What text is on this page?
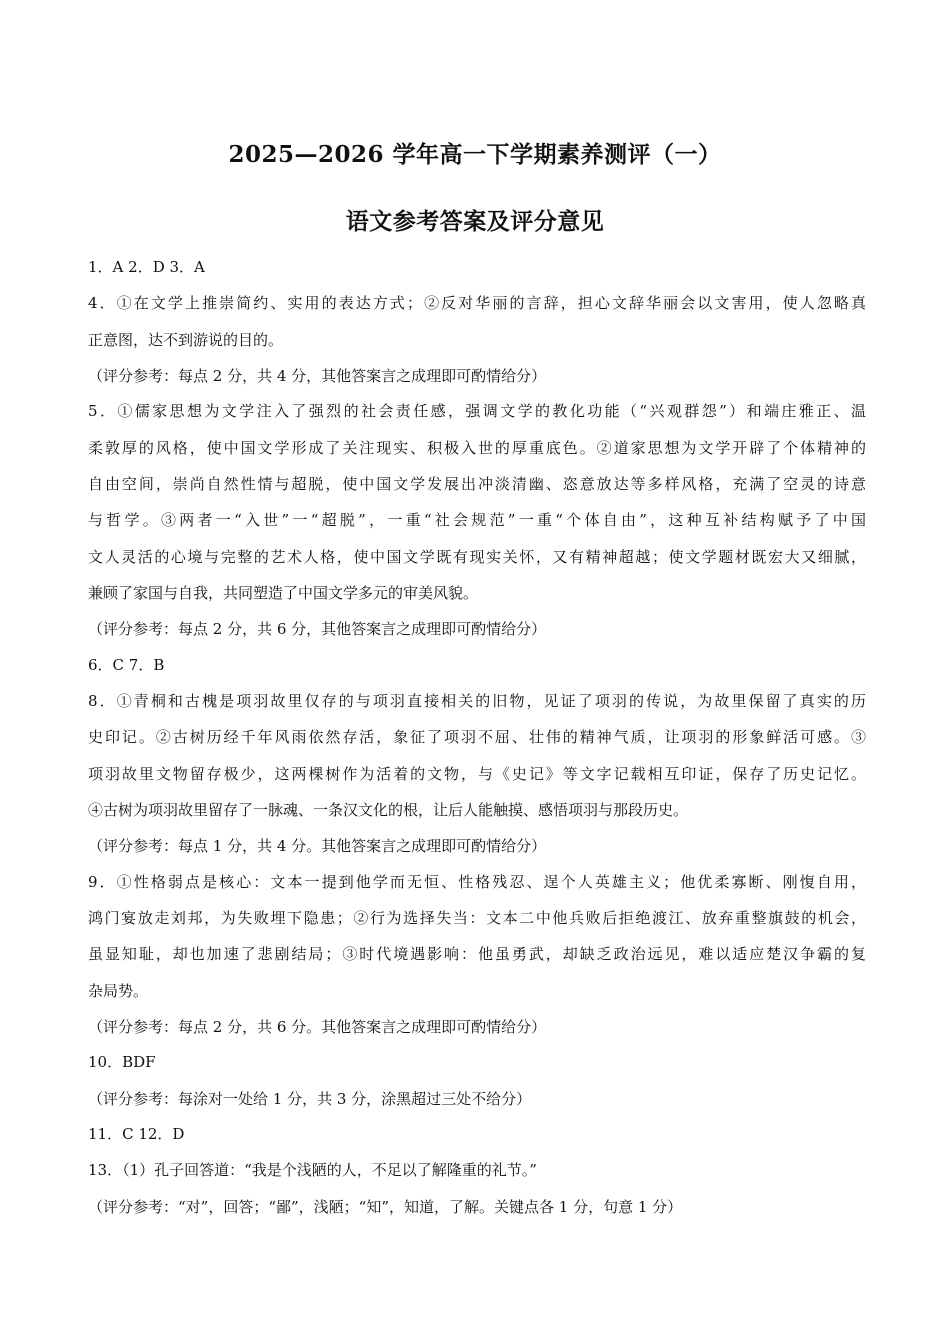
2025—2026 学年高一下学期素养测评（一）
语文参考答案及评分意见
1．A 2．D 3．A
4．①在文学上推崇简约、实用的表达方式；②反对华丽的言辞，担心文辞华丽会以文害用，使人忽略真
正意图，达不到游说的目的。
（评分参考：每点 2 分，共 4 分，其他答案言之成理即可酌情给分）
5．①儒家思想为文学注入了强烈的社会责任感，强调文学的教化功能（“兴观群怨”）和端庄雅正、温
柔敦厚的风格，使中国文学形成了关注现实、积极入世的厚重底色。②道家思想为文学开辟了个体精神的
自由空间，崇尚自然性情与超脱，使中国文学发展出冲淡清幽、恣意放达等多样风格，充满了空灵的诗意
与哲学。③两者一“入世”一“超脱”，一重“社会规范”一重“个体自由”，这种互补结构赋予了中国
文人灵活的心境与完整的艺术人格，使中国文学既有现实关怀，又有精神超越；使文学题材既宏大又细腻，
兼顾了家国与自我，共同塑造了中国文学多元的审美风貌。
（评分参考：每点 2 分，共 6 分，其他答案言之成理即可酌情给分）
6．C 7．B
8．①青桐和古槐是项羽故里仅存的与项羽直接相关的旧物，见证了项羽的传说，为故里保留了真实的历
史印记。②古树历经千年风雨依然存活，象征了项羽不屈、壮伟的精神气质，让项羽的形象鲜活可感。③
项羽故里文物留存极少，这两棵树作为活着的文物，与《史记》等文字记载相互印证，保存了历史记忆。
④古树为项羽故里留存了一脉魂、一条汉文化的根，让后人能触摸、感悟项羽与那段历史。
（评分参考：每点 1 分，共 4 分。其他答案言之成理即可酌情给分）
9．①性格弱点是核心：文本一提到他学而无恒、性格残忍、逞个人英雄主义；他优柔寡断、刚愎自用，
鸿门宴放走刘邦，为失败埋下隐患；②行为选择失当：文本二中他兵败后拒绝渡江、放弃重整旗鼓的机会，
虽显知耻，却也加速了悲剧结局；③时代境遇影响：他虽勇武，却缺乏政治远见，难以适应楚汉争霸的复
杂局势。
（评分参考：每点 2 分，共 6 分。其他答案言之成理即可酌情给分）
10．BDF
（评分参考：每涂对一处给 1 分，共 3 分，涂黑超过三处不给分）
11．C 12．D
13．（1）孔子回答道：“我是个浅陋的人，不足以了解隆重的礼节。”
（评分参考：“对”，回答；“鄙”，浅陋；“知”，知道，了解。关键点各 1 分，句意 1 分）
